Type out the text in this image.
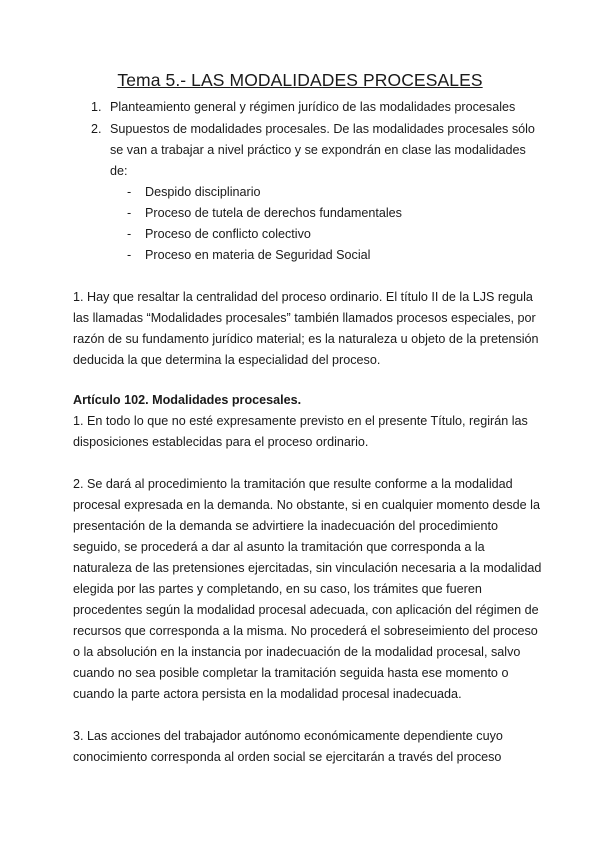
Tema 5.- LAS MODALIDADES PROCESALES
1. Planteamiento general y régimen jurídico de las modalidades procesales
2. Supuestos de modalidades procesales. De las modalidades procesales sólo
se van a trabajar a nivel práctico y se expondrán en clase las modalidades
de:
- Despido disciplinario
- Proceso de tutela de derechos fundamentales
- Proceso de conflicto colectivo
- Proceso en materia de Seguridad Social
1. Hay que resaltar la centralidad del proceso ordinario. El título II de la LJS regula
las llamadas “Modalidades procesales” también llamados procesos especiales, por
razón de su fundamento jurídico material; es la naturaleza u objeto de la pretensión
deducida la que determina la especialidad del proceso.
Artículo 102. Modalidades procesales.
1. En todo lo que no esté expresamente previsto en el presente Título, regirán las
disposiciones establecidas para el proceso ordinario.
2. Se dará al procedimiento la tramitación que resulte conforme a la modalidad
procesal expresada en la demanda. No obstante, si en cualquier momento desde la
presentación de la demanda se advirtiere la inadecuación del procedimiento
seguido, se procederá a dar al asunto la tramitación que corresponda a la
naturaleza de las pretensiones ejercitadas, sin vinculación necesaria a la modalidad
elegida por las partes y completando, en su caso, los trámites que fueren
procedentes según la modalidad procesal adecuada, con aplicación del régimen de
recursos que corresponda a la misma. No procederá el sobreseimiento del proceso
o la absolución en la instancia por inadecuación de la modalidad procesal, salvo
cuando no sea posible completar la tramitación seguida hasta ese momento o
cuando la parte actora persista en la modalidad procesal inadecuada.
3. Las acciones del trabajador autónomo económicamente dependiente cuyo
conocimiento corresponda al orden social se ejercitarán a través del proceso
